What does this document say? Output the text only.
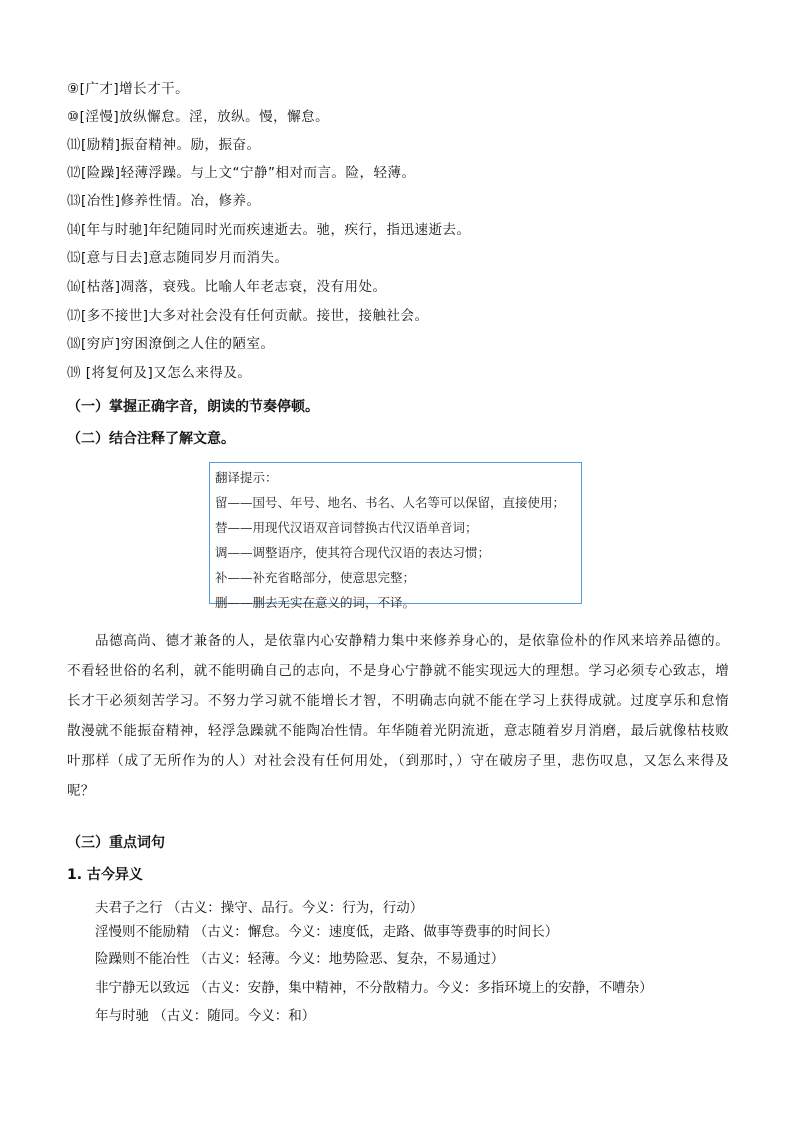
⑨[广才]增长才干。
⑩[淫慢]放纵懈怠。淫，放纵。慢，懈怠。
⑾[励精]振奋精神。励，振奋。
⑿[险躁]轻薄浮躁。与上文“宁静”相对而言。险，轻薄。
⒀[冶性]修养性情。冶，修养。
⒁[年与时驰]年纪随同时光而疾速逝去。驰，疾行，指迅速逝去。
⒂[意与日去]意志随同岁月而消失。
⒃[枯落]凋落，衰残。比喻人年老志衰，没有用处。
⒄[多不接世]大多对社会没有任何贡献。接世，接触社会。
⒅[穷庐]穷困潦倒之人住的陋室。
⒆ [将复何及]又怎么来得及。
（一）掌握正确字音，朗读的节奏停顿。
（二）结合注释了解文意。
翻译提示：
留——国号、年号、地名、书名、人名等可以保留，直接使用；
替——用现代汉语双音词替换古代汉语单音词；
调——调整语序，使其符合现代汉语的表达习惯；
补——补充省略部分，使意思完整；
删——删去无实在意义的词，不译。
品德高尚、德才兼备的人，是依靠内心安静精力集中来修养身心的，是依靠俭朴的作风来培养品德的。不看轻世俗的名利，就不能明确自己的志向，不是身心宁静就不能实现远大的理想。学习必须专心致志，增长才干必须刻苦学习。不努力学习就不能增长才智，不明确志向就不能在学习上获得成就。过度享乐和怠惰散漫就不能振奋精神，轻浮急躁就不能陶冶性情。年华随着光阴流逝，意志随着岁月消磨，最后就像枯枝败叶那样（成了无所作为的人）对社会没有任何用处，（到那时，）守在破房子里，悲伤叹息，又怎么来得及呢？
（三）重点词句
1. 古今异义
夫君子之行 （古义：操守、品行。今义：行为，行动）
淫慢则不能励精 （古义：懈怠。今义：速度低，走路、做事等费事的时间长）
险躁则不能冶性 （古义：轻薄。今义：地势险恶、复杂，不易通过）
非宁静无以致远 （古义：安静，集中精神，不分散精力。今义：多指环境上的安静，不嘈杂）
年与时驰 （古义：随同。今义：和）
